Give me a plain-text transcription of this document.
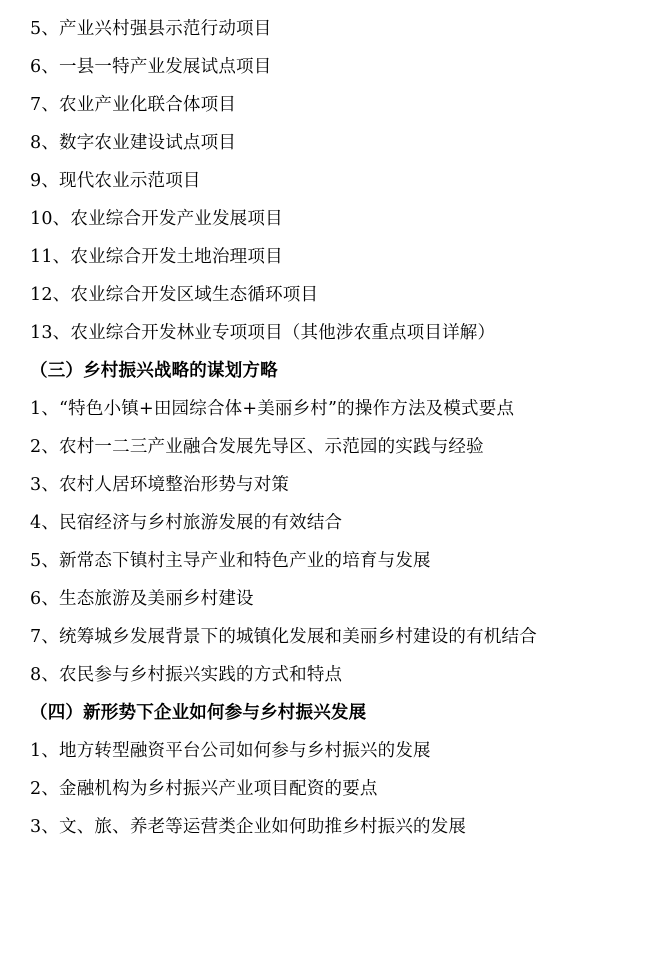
5、产业兴村强县示范行动项目
6、一县一特产业发展试点项目
7、农业产业化联合体项目
8、数字农业建设试点项目
9、现代农业示范项目
10、农业综合开发产业发展项目
11、农业综合开发土地治理项目
12、农业综合开发区域生态循环项目
13、农业综合开发林业专项项目（其他涉农重点项目详解）
（三）乡村振兴战略的谋划方略
1、“特色小镇+田园综合体+美丽乡村”的操作方法及模式要点
2、农村一二三产业融合发展先导区、示范园的实践与经验
3、农村人居环境整治形势与对策
4、民宿经济与乡村旅游发展的有效结合
5、新常态下镇村主导产业和特色产业的培育与发展
6、生态旅游及美丽乡村建设
7、统筹城乡发展背景下的城镇化发展和美丽乡村建设的有机结合
8、农民参与乡村振兴实践的方式和特点
（四）新形势下企业如何参与乡村振兴发展
1、地方转型融资平台公司如何参与乡村振兴的发展
2、金融机构为乡村振兴产业项目配资的要点
3、文、旅、养老等运营类企业如何助推乡村振兴的发展
